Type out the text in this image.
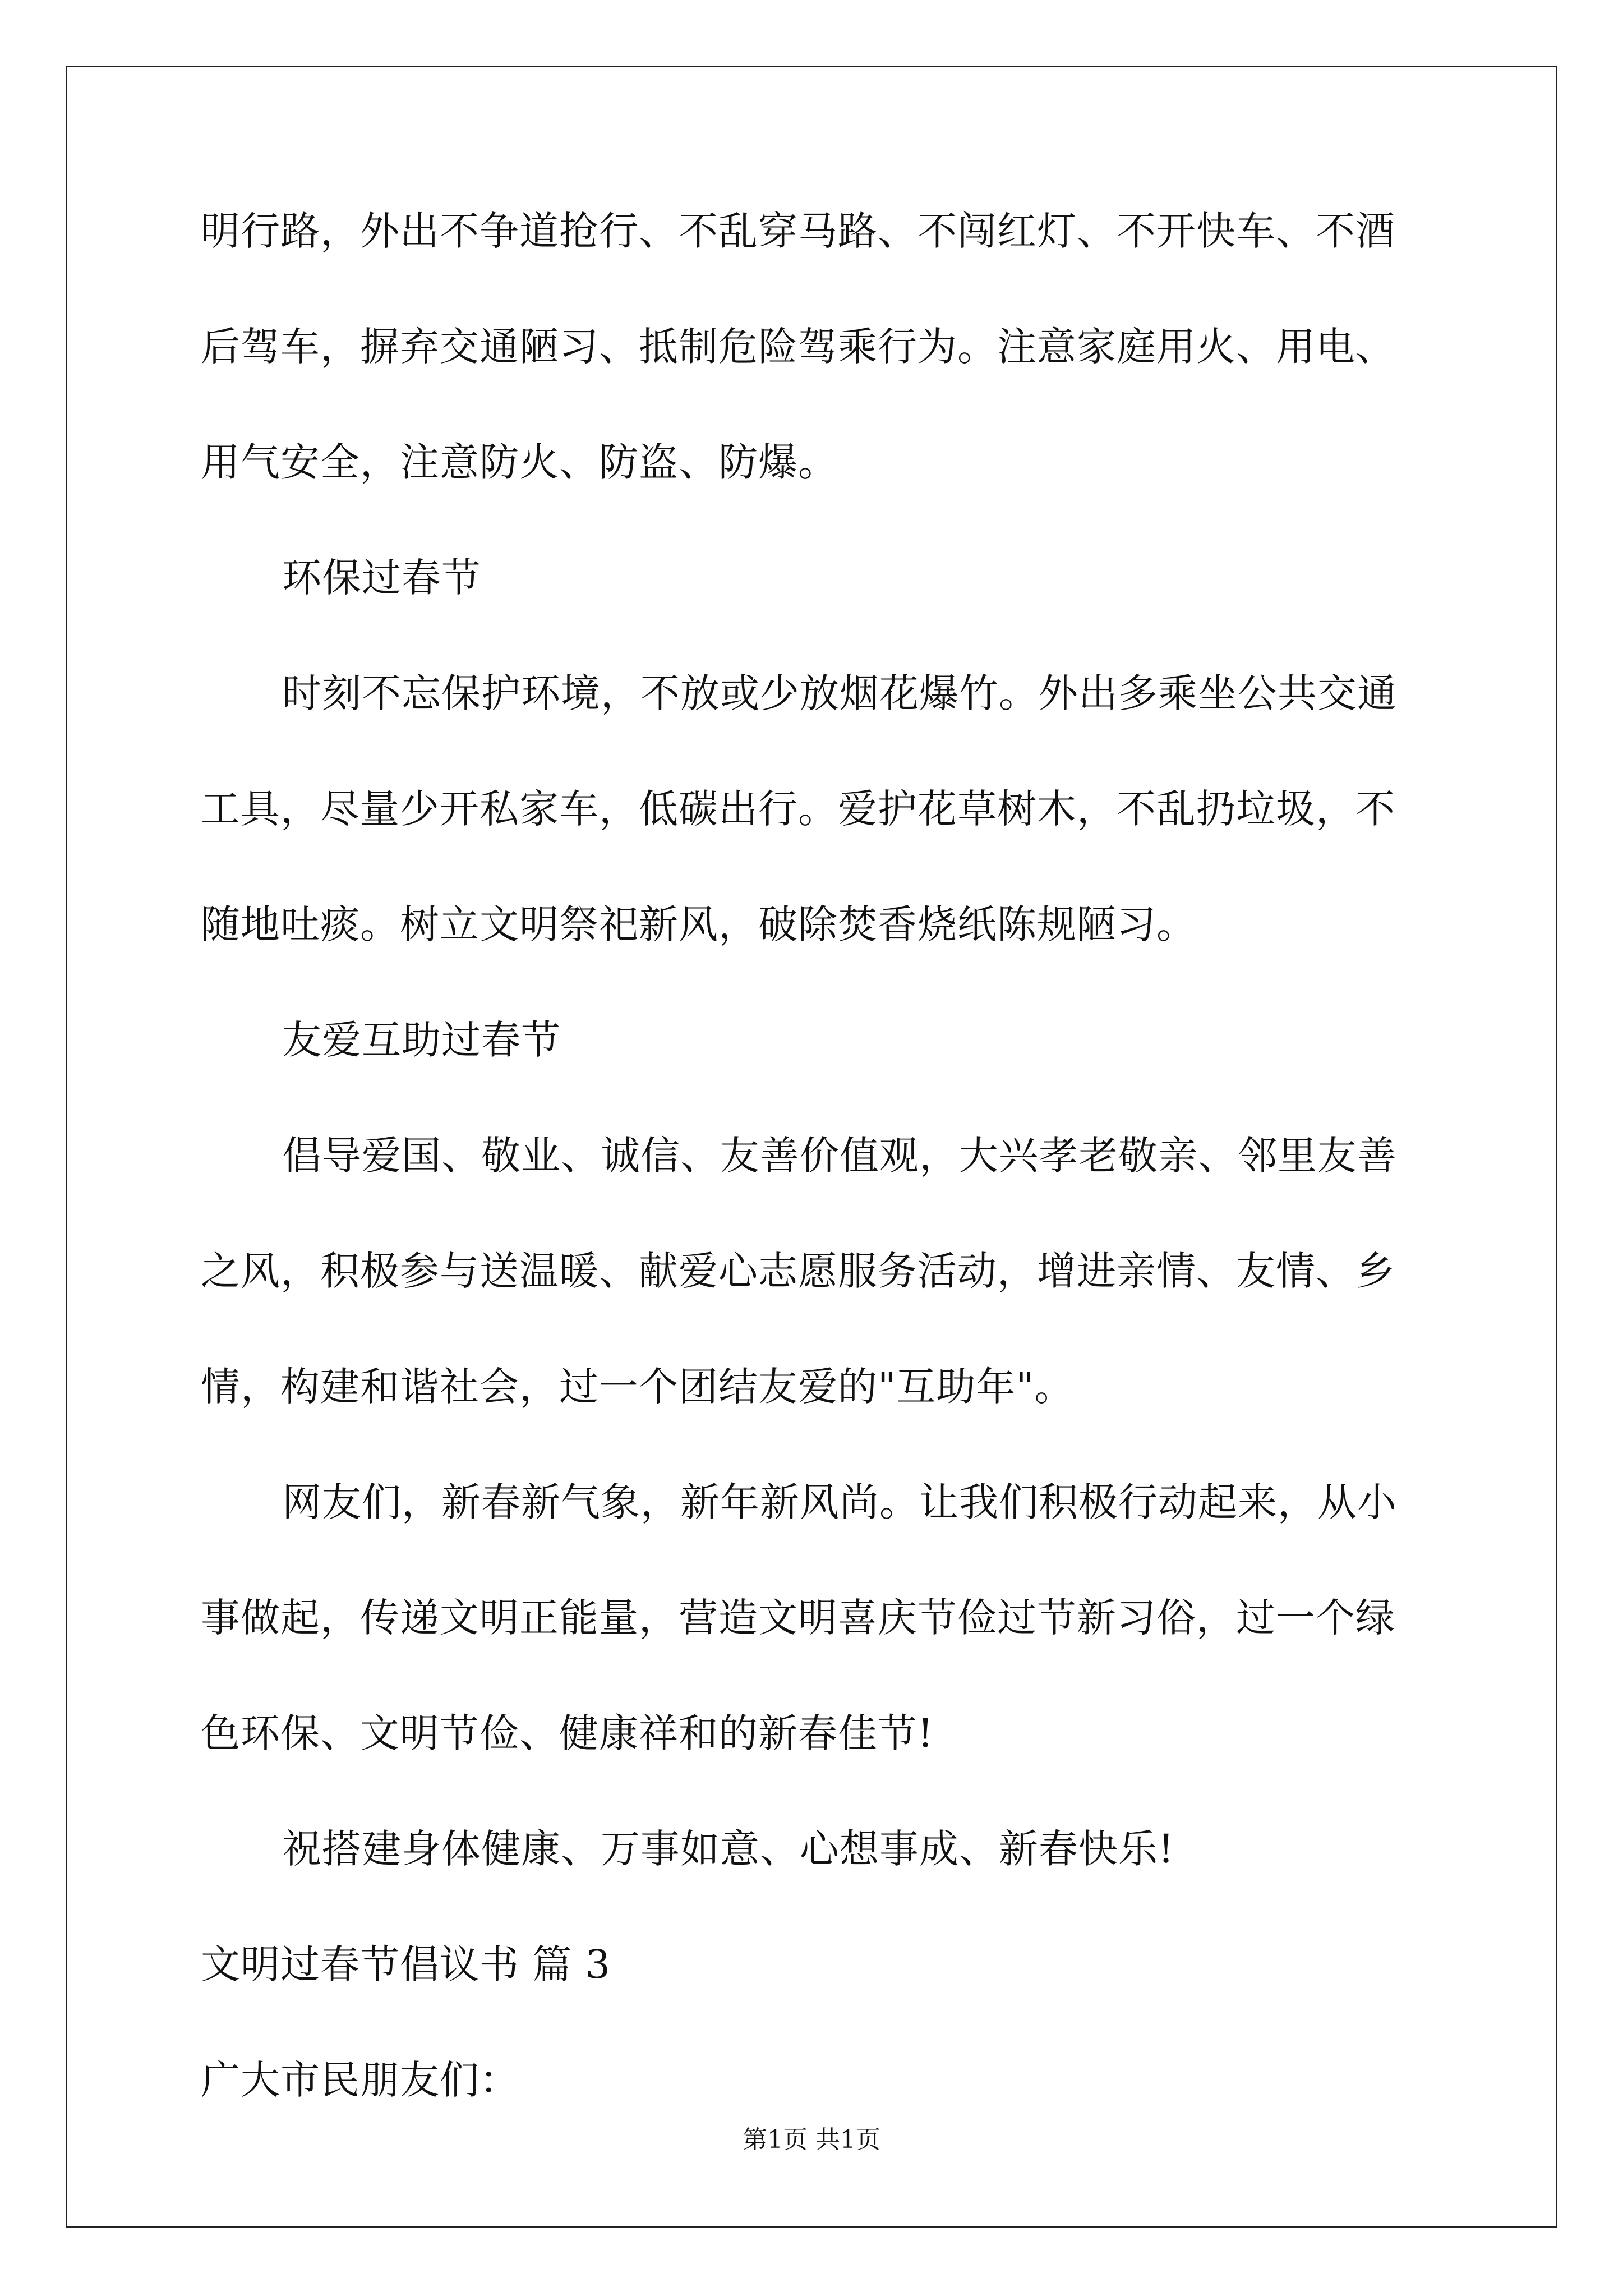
明行路，外出不争道抢行、不乱穿马路、不闯红灯、不开快车、不酒
后驾车，摒弃交通陋习、抵制危险驾乘行为。注意家庭用火、用电、
用气安全，注意防火、防盗、防爆。
环保过春节
时刻不忘保护环境，不放或少放烟花爆竹。外出多乘坐公共交通
工具，尽量少开私家车，低碳出行。爱护花草树木，不乱扔垃圾，不
随地吐痰。树立文明祭祀新风，破除焚香烧纸陈规陋习。
友爱互助过春节
倡导爱国、敬业、诚信、友善价值观，大兴孝老敬亲、邻里友善
之风，积极参与送温暖、献爱心志愿服务活动，增进亲情、友情、乡
情，构建和谐社会，过一个团结友爱的"互助年"。
网友们，新春新气象，新年新风尚。让我们积极行动起来，从小
事做起，传递文明正能量，营造文明喜庆节俭过节新习俗，过一个绿
色环保、文明节俭、健康祥和的新春佳节!
祝搭建身体健康、万事如意、心想事成、新春快乐!
文明过春节倡议书 篇 3
广大市民朋友们：
第1页 共1页
